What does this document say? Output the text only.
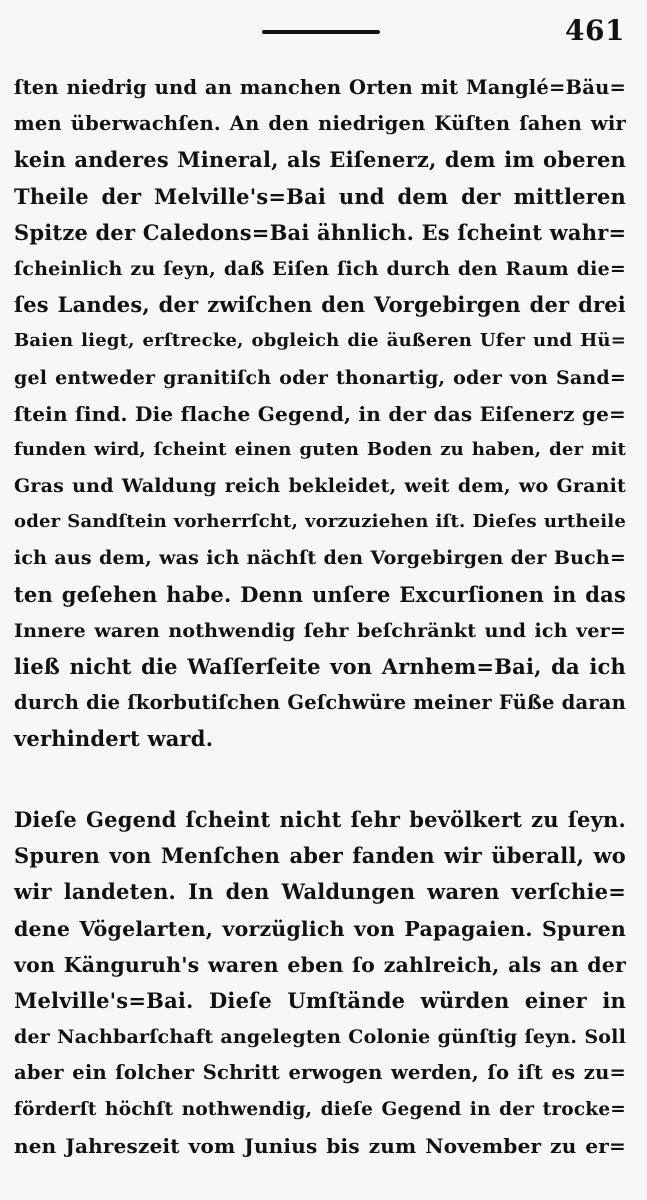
461
ſten niedrig und an manchen Orten mit Manglé=Bäu=
men überwachſen. An den niedrigen Küſten ſahen wir
kein anderes Mineral, als Eiſenerz, dem im oberen
Theile der Melville's=Bai und dem der mittleren
Spitze der Caledons=Bai ähnlich. Es ſcheint wahr=
ſcheinlich zu ſeyn, daß Eiſen ſich durch den Raum die=
ſes Landes, der zwiſchen den Vorgebirgen der drei
Baien liegt, erſtrecke, obgleich die äußeren Ufer und Hü=
gel entweder granitiſch oder thonartig, oder von Sand=
ſtein ſind. Die flache Gegend, in der das Eiſenerz ge=
funden wird, ſcheint einen guten Boden zu haben, der mit
Gras und Waldung reich bekleidet, weit dem, wo Granit
oder Sandſtein vorherrſcht, vorzuziehen iſt. Dieſes urtheile
ich aus dem, was ich nächſt den Vorgebirgen der Buch=
ten geſehen habe. Denn unſere Excurſionen in das
Innere waren nothwendig ſehr beſchränkt und ich ver=
ließ nicht die Waſſerſeite von Arnhem=Bai, da ich
durch die ſkorbutiſchen Geſchwüre meiner Füße daran
verhindert ward.
Dieſe Gegend ſcheint nicht ſehr bevölkert zu ſeyn.
Spuren von Menſchen aber fanden wir überall, wo
wir landeten. In den Waldungen waren verſchie=
dene Vögelarten, vorzüglich von Papagaien. Spuren
von Känguruh's waren eben ſo zahlreich, als an der
Melville's=Bai. Dieſe Umſtände würden einer in
der Nachbarſchaft angelegten Colonie günſtig ſeyn. Soll
aber ein ſolcher Schritt erwogen werden, ſo iſt es zu=
förderſt höchſt nothwendig, dieſe Gegend in der trocke=
nen Jahreszeit vom Junius bis zum November zu er=
